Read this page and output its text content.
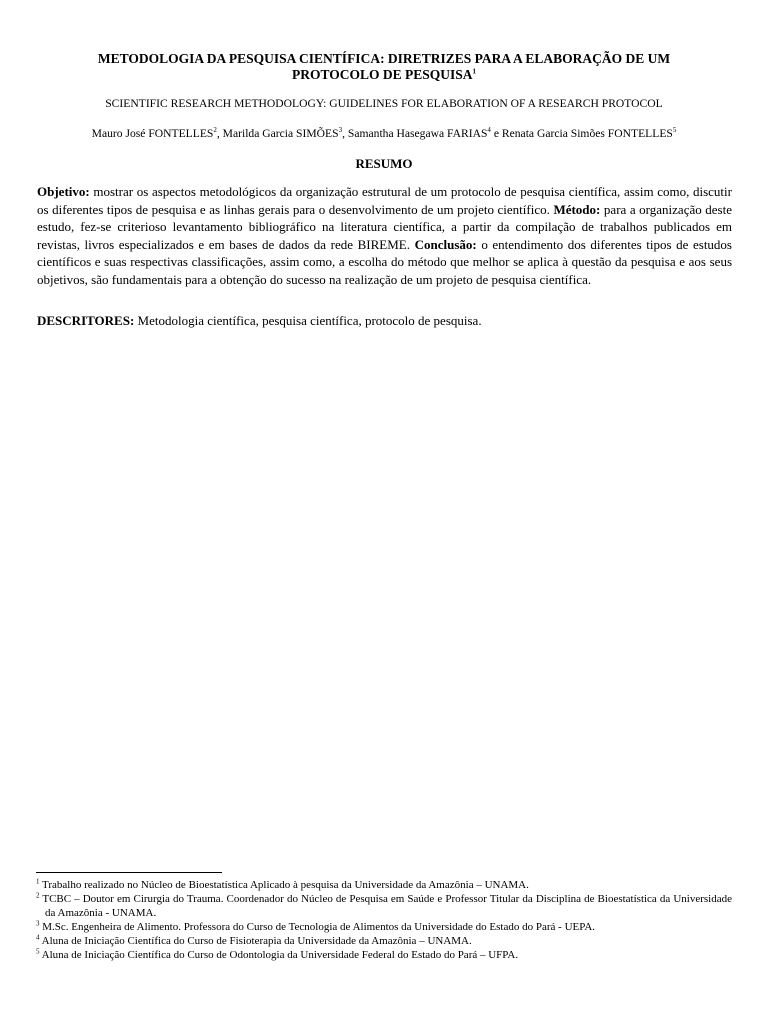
METODOLOGIA DA PESQUISA CIENTÍFICA: DIRETRIZES PARA A ELABORAÇÃO DE UM
PROTOCOLO DE PESQUISA$^1$
SCIENTIFIC RESEARCH METHODOLOGY: GUIDELINES FOR ELABORATION OF A RESEARCH PROTOCOL
Mauro José FONTELLES$^2$, Marilda Garcia SIMÕES$^3$, Samantha Hasegawa FARIAS$^4$ e Renata Garcia Simões FONTELLES$^5$
RESUMO

Objetivo: mostrar os aspectos metodológicos da organização estrutural de um protocolo de pesquisa científica, assim como, discutir os diferentes tipos de pesquisa e as linhas gerais para o desenvolvimento de um projeto científico. Método: para a organização deste estudo, fez-se criterioso levantamento bibliográfico na literatura científica, a partir da compilação de trabalhos publicados em revistas, livros especializados e em bases de dados da rede BIREME. Conclusão: o entendimento dos diferentes tipos de estudos científicos e suas respectivas classificações, assim como, a escolha do método que melhor se aplica à questão da pesquisa e aos seus objetivos, são fundamentais para a obtenção do sucesso na realização de um projeto de pesquisa científica.

DESCRITORES: Metodologia científica, pesquisa científica, protocolo de pesquisa.

$^1$ Trabalho realizado no Núcleo de Bioestatística Aplicado à pesquisa da Universidade da Amazônia – UNAMA.
$^2$ TCBC – Doutor em Cirurgia do Trauma. Coordenador do Núcleo de Pesquisa em Saúde e Professor Titular da Disciplina de Bioestatística da Universidade da Amazônia - UNAMA.
$^3$ M.Sc. Engenheira de Alimento. Professora do Curso de Tecnologia de Alimentos da Universidade do Estado do Pará - UEPA.
$^4$ Aluna de Iniciação Científica do Curso de Fisioterapia da Universidade da Amazônia – UNAMA.
$^5$ Aluna de Iniciação Científica do Curso de Odontologia da Universidade Federal do Estado do Pará – UFPA.
